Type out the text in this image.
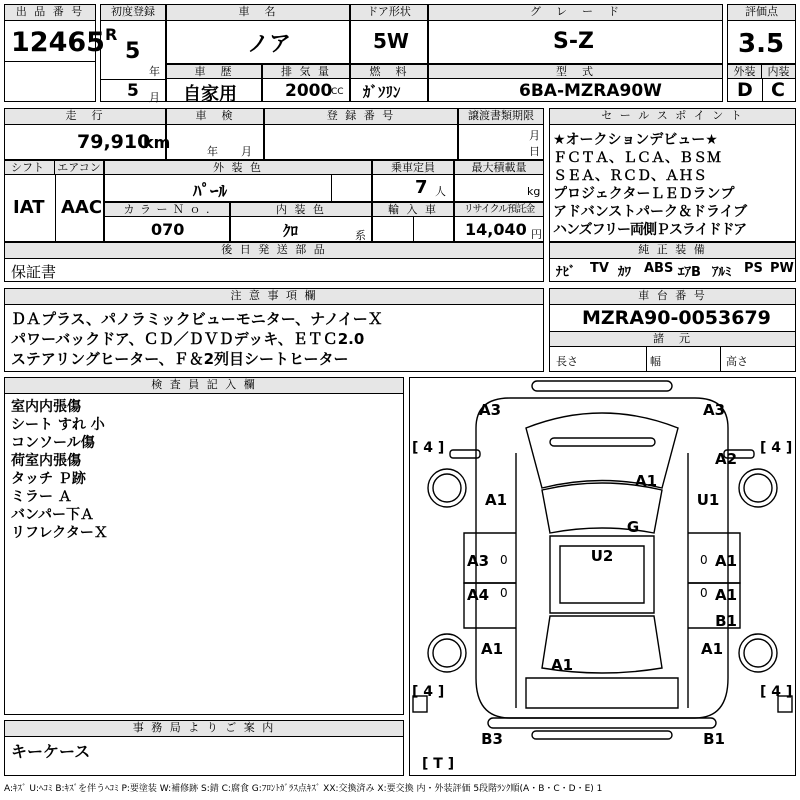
出 品 番 号
12465
初度登録
R
5
年
5 月
車　名
ノア
ドア形状
5W
グ　レ　ー　ド
S-Z
評価点
3.5
車　歴
自家用
排 気 量
2000
CC
燃　料
ｶﾞｿﾘﾝ
型　式
6BA-MZRA90W
外装	内装
D C
走　行
79,910
km
車　検
年 月
登 録 番 号	譲渡書類期限
月
日
シフト	エアコン
IAT AAC
外 装 色
ﾊﾟｰﾙ
乗車定員
7 人
最大積載量
kg
カ ラ ー Ｎ ｏ .
070
内 装 色
ｸﾛ	系
輸 入 車	リサイクル預託金
14,040 円
後 日 発 送 部 品
保証書
セ ー ル ス ポ イ ン ト
★オークションデビュー★
ＦＣＴＡ、ＬＣＡ、ＢＳＭ
ＳＥＡ、ＲＣＤ、ＡＨＳ
プロジェクターＬＥＤランプ
アドバンストパーク＆ドライブ
ハンズフリー両側Ｐスライドドア
純 正 装 備
ﾅﾋﾞ TV ｶﾜ ABS ｴｱB ｱﾙﾐ PS PW
注 意 事 項 欄
ＤＡプラス、パノラミックビューモニター、ナノイーＸ
パワーバックドア、ＣＤ／ＤＶＤデッキ、ＥＴＣ2.0
ステアリングヒーター、Ｆ＆2列目シートヒーター
車 台 番 号
MZRA90-0053679
諸　元
長さ	幅	高さ
検 査 員 記 入 欄
室内内張傷
シート すれ 小
コンソール傷
荷室内張傷
タッチ Ｐ跡
ミラー Ａ
バンパー下Ａ
リフレクターＸ
事 務 局 よ り ご 案 内
キーケース
[ 4 ]	[ 4 ]
[ 4 ]	[ 4 ]
[ T ]
A3	A3
A2
A1
A1	U1
G
U2
A3	A1
A4	A1
B1
A1	A1
A1
B3	B1
0	0
0	0
A:ｷｽﾞ U:ﾍｺﾐ B:ｷｽﾞを伴うﾍｺﾐ P:要塗装 W:補修跡 S:錆 C:腐食 G:ﾌﾛﾝﾄｶﾞﾗｽ点ｷｽﾞ XX:交換済み X:要交換 内・外装評価 5段階ﾗﾝｸ順(A・B・C・D・E) 1
